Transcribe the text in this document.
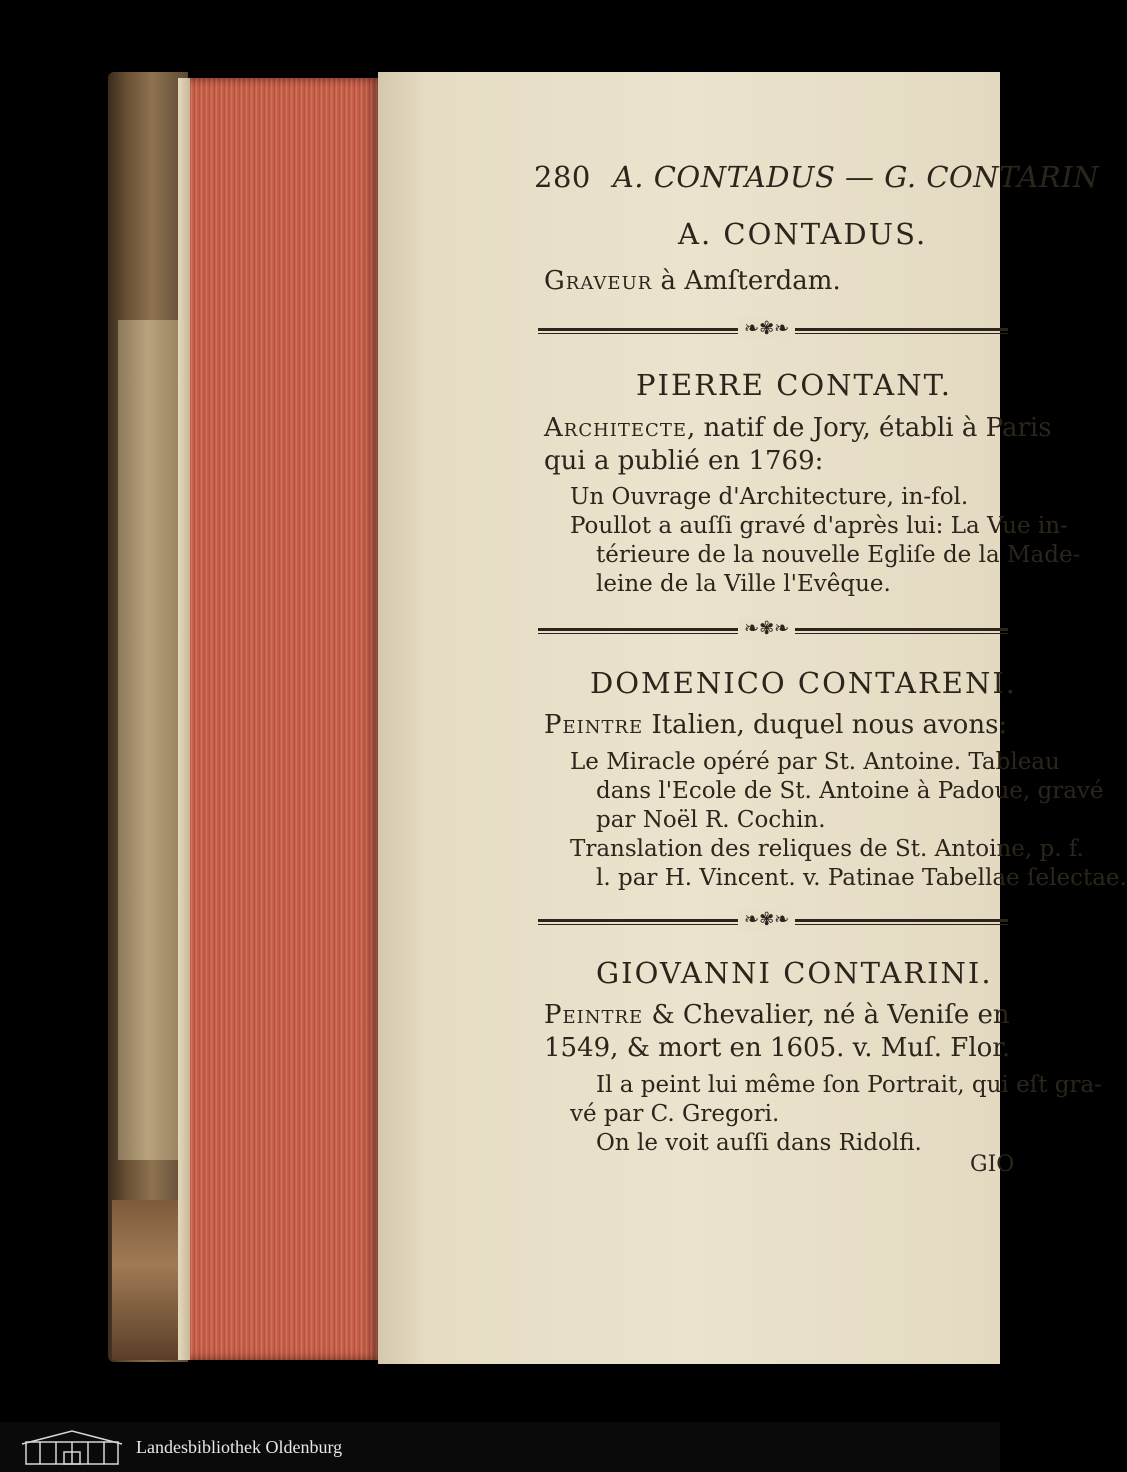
280 A. CONTADUS — G. CONTARIN
A. CONTADUS.
Graveur à Amſterdam.
❧✾❧
PIERRE CONTANT.
Architecte, natif de Jory, établi à Paris
qui a publié en 1769:
Un Ouvrage d'Architecture, in-fol.
Poullot a auſſi gravé d'après lui: La Vue in-
térieure de la nouvelle Egliſe de la Made-
leine de la Ville l'Evêque.
❧✾❧
DOMENICO CONTARENI.
Peintre Italien, duquel nous avons:
Le Miracle opéré par St. Antoine. Tableau
dans l'Ecole de St. Antoine à Padoue, gravé
par Noël R. Cochin.
Translation des reliques de St. Antoine, p. f.
l. par H. Vincent. v. Patinae Tabellae ſelectae.
❧✾❧
GIOVANNI CONTARINI.
Peintre & Chevalier, né à Veniſe en
1549, & mort en 1605. v. Muſ. Flor.
Il a peint lui même ſon Portrait, qui eſt gra-
vé par C. Gregori.
On le voit auſſi dans Ridolfi.
GIO
Landesbibliothek Oldenburg
